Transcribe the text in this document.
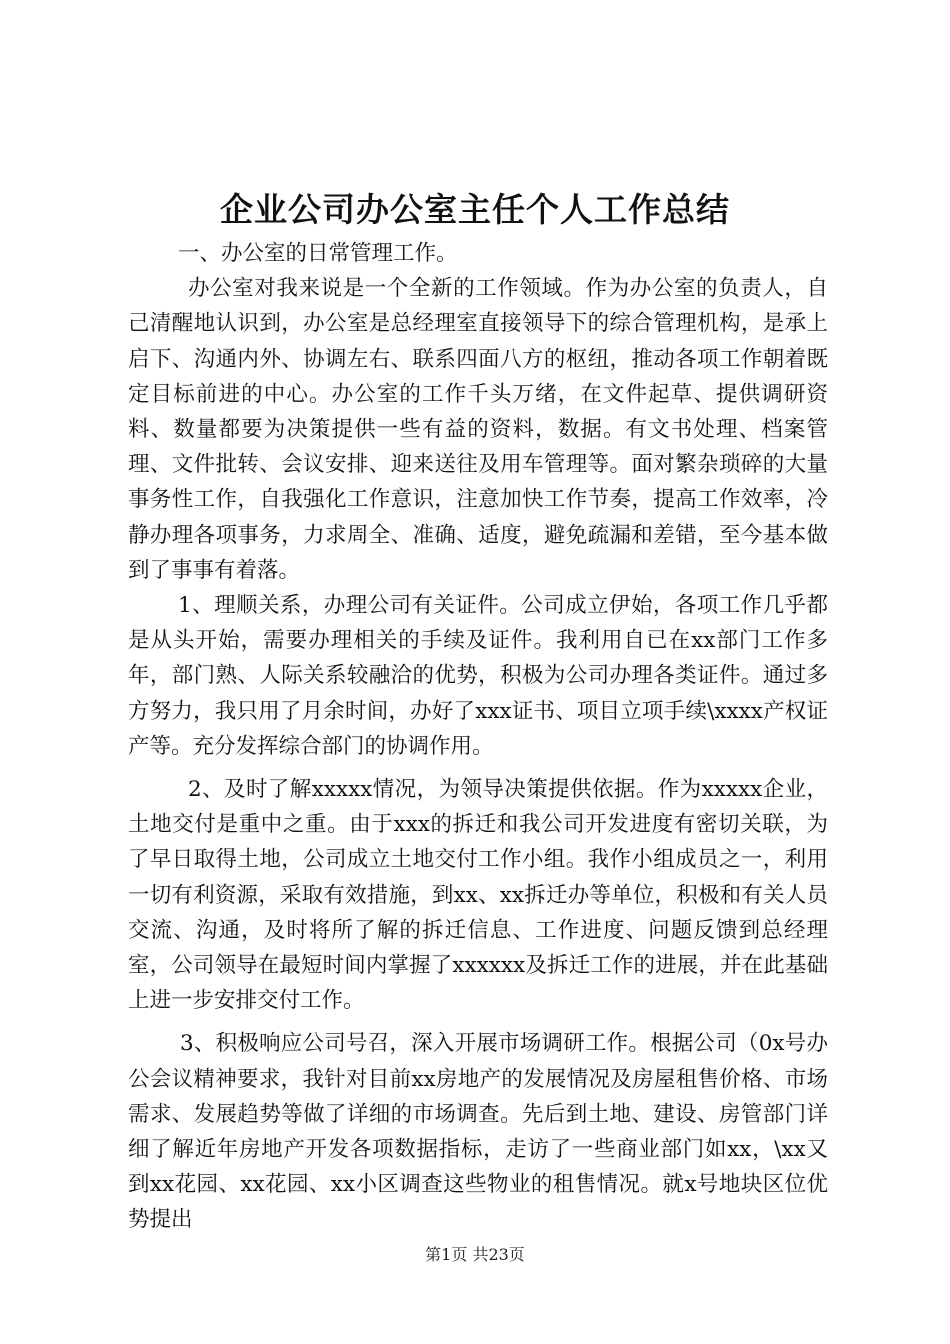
企业公司办公室主任个人工作总结

一、办公室的日常管理工作。

办公室对我来说是一个全新的工作领域。作为办公室的负责人，自己清醒地认识到，办公室是总经理室直接领导下的综合管理机构，是承上启下、沟通内外、协调左右、联系四面八方的枢纽，推动各项工作朝着既定目标前进的中心。办公室的工作千头万绪，在文件起草、提供调研资料、数量都要为决策提供一些有益的资料，数据。有文书处理、档案管理、文件批转、会议安排、迎来送往及用车管理等。面对繁杂琐碎的大量事务性工作，自我强化工作意识，注意加快工作节奏，提高工作效率，冷静办理各项事务，力求周全、准确、适度，避免疏漏和差错，至今基本做到了事事有着落。

1、理顺关系，办理公司有关证件。公司成立伊始，各项工作几乎都是从头开始，需要办理相关的手续及证件。我利用自已在xx部门工作多年，部门熟、人际关系较融洽的优势，积极为公司办理各类证件。通过多方努力，我只用了月余时间，办好了xxx证书、项目立项手续\xxxx产权证产等。充分发挥综合部门的协调作用。

2、及时了解xxxxx情况，为领导决策提供依据。作为xxxxx企业，土地交付是重中之重。由于xxx的拆迁和我公司开发进度有密切关联，为了早日取得土地，公司成立土地交付工作小组。我作小组成员之一，利用一切有利资源，采取有效措施，到xx、xx拆迁办等单位，积极和有关人员交流、沟通，及时将所了解的拆迁信息、工作进度、问题反馈到总经理室，公司领导在最短时间内掌握了xxxxxx及拆迁工作的进展，并在此基础上进一步安排交付工作。

3、积极响应公司号召，深入开展市场调研工作。根据公司（0x号办公会议精神要求，我针对目前xx房地产的发展情况及房屋租售价格、市场需求、发展趋势等做了详细的市场调查。先后到土地、建设、房管部门详细了解近年房地产开发各项数据指标，走访了一些商业部门如xx，\xx又到xx花园、xx花园、xx小区调查这些物业的租售情况。就x号地块区位优势提出

第1页 共23页
